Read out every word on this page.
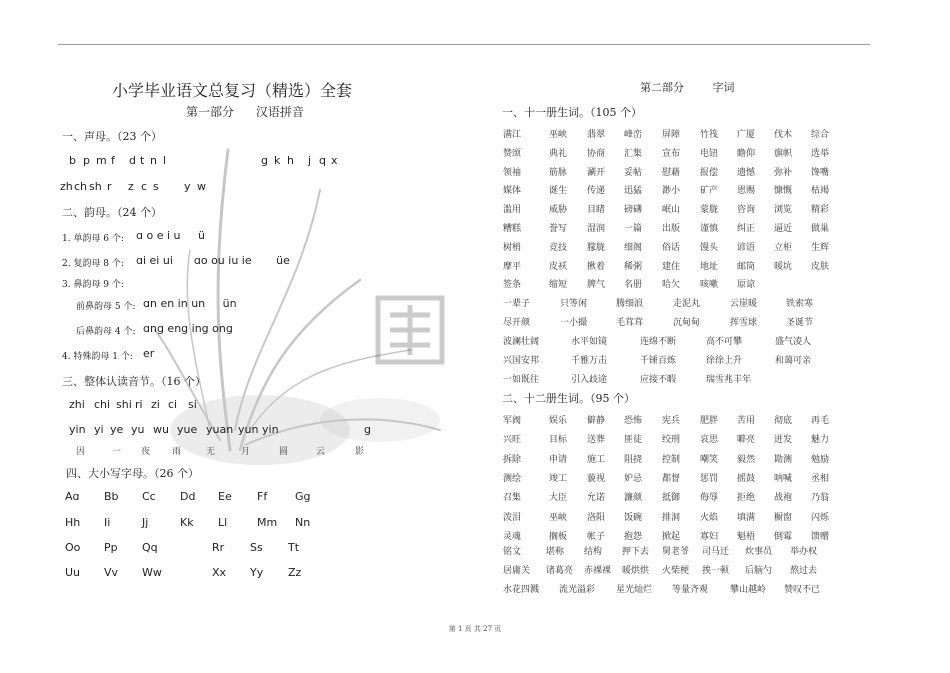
小学毕业语文总复习（精选）全套
第一部分　 汉语拼音
一、声母。（23 个）
b p m f d t n l	g k h j q x
zh ch sh r z c s y w
二、韵母。（24 个）
1. 单韵母 6 个: ɑ o e i u     ü
2. 复韵母 8 个: ɑi ei ui      ɑo ou iu ie       üe
3. 鼻韵母 9 个:
前鼻韵母 5 个: ɑn en in un     ün
后鼻韵母 4 个: ɑng eng ing ong
4. 特殊韵母 1 个: er
三、整体认读音节。（16 个）
zhi chi shi ri zi ci si
yin yi ye yu wu yue yuan yun yin	g
因	一 夜 雨	无	月	圆	云	影
四、大小写字母。（26 个）
Aɑ Bb Cc Dd Ee Ff	Gg
Hh Ii	Jj	Kk Ll	Mm Nn
Oo Pp Qq	Rr Ss Tt
Uu Vv Ww	Xx Yy Zz
第二部分　 字词
一、十一册生词。（105 个）
满江	巫峡 翡翠 峰峦 屏障 竹筏 广厦 伐木 综合
赞颂	典礼 协商 汇集 宣布 电钮 瞻仰 旗帜 选举
领袖	筋脉 涮开 妥帖 慰藉 报偿 遗憾 弥补 馋嘴
媒体	诞生 传递 迅猛 渺小 矿产 恩赐 慷慨 枯竭
滥用	威胁 目睹 磅礴 岷山 蒙胧 咨询 浏览 精彩
糟糕	誊写 湿润 一篇 出版 谨慎 纠正 逼近 做巢
树梢	竞技 朦胧 细阁 俗话 馒头 谚语 立柜 生辉
摩平	皮袄 揪着 稀粥 建住 地址 邮筒 暖坑 皮肤
签条	缩短 脾气 名册 哈欠 咳嗽 原谅
一辈子	只等闲	腾细浪	走泥丸	云崖暖	铁索寒
尽开颜	一小撮	毛茸茸	沉甸甸	挥雪球	圣诞节
波澜壮阔	水平如镜	连绵不断	高不可攀	盛气凌人
兴国安邦	千雅万击	千锤百炼	徐徐上升	和蔼可亲
一如既往	引入歧途	应接不暇	瑞雪兆丰年
二、十二册生词。（95 个）
军阀	娱乐 僻静 恐怖 宪兵 肥胖 苦用 彻底 再毛
兴旺	目标 送葬 匪徒 绞刑 哀思 噼亮 迸发 魅力
拆除	申请 施工 阻挠 控制 嘲笑 毅然 勘测 勉励
测绘	竣工 藐视 妒忌 都督 惩罚 摇鼓 呐喊 丞相
召集	大臣 允诺 濂颜 抵御 侮辱 拒绝 战袍 乃翁
泼泪	巫峡 洛阳 饭碗 排洞 火焰 填满 橱窗 闪烁
灵魂	搁板 帐子 抱怨 掀起 寡妇 魁梧 倒霉 馈赠
铭文	堪称 结构 押下去 舅老爷 司马迁 炊事员 举办权
居庸关 诸葛亮 赤裸裸 暖烘烘 火柴梗 挨一顿 后脑勺 熬过去
水花四溅 流光溢彩 星光灿烂 等量齐观 攀山越岭 赞叹不已
第 1 页 共 27 页
